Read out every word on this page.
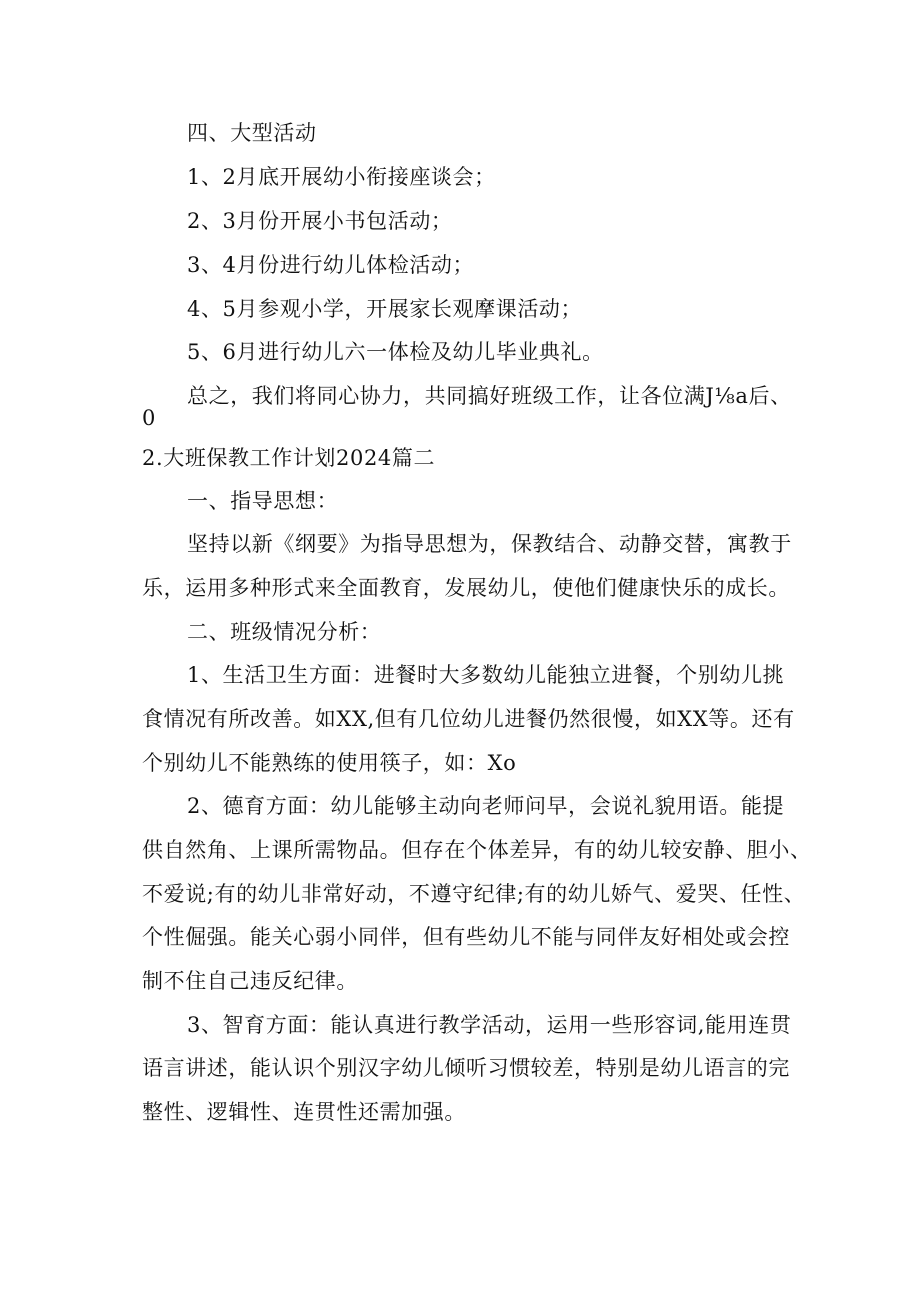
四、大型活动
1、2月底开展幼小衔接座谈会；
2、3月份开展小书包活动；
3、4月份进行幼儿体检活动；
4、5月参观小学，开展家长观摩课活动；
5、6月进行幼儿六一体检及幼儿毕业典礼。
总之，我们将同心协力，共同搞好班级工作，让各位满J⅛a后、
0
2.大班保教工作计划2024篇二
一、指导思想：
坚持以新《纲要》为指导思想为，保教结合、动静交替，寓教于
乐，运用多种形式来全面教育，发展幼儿，使他们健康快乐的成长。
二、班级情况分析：
1、生活卫生方面：进餐时大多数幼儿能独立进餐，个别幼儿挑
食情况有所改善。如XX,但有几位幼儿进餐仍然很慢，如XX等。还有
个别幼儿不能熟练的使用筷子，如：Xo
2、德育方面：幼儿能够主动向老师问早，会说礼貌用语。能提
供自然角、上课所需物品。但存在个体差异，有的幼儿较安静、胆小、
不爱说;有的幼儿非常好动，不遵守纪律;有的幼儿娇气、爱哭、任性、
个性倔强。能关心弱小同伴，但有些幼儿不能与同伴友好相处或会控
制不住自己违反纪律。
3、智育方面：能认真进行教学活动，运用一些形容词,能用连贯
语言讲述，能认识个别汉字幼儿倾听习惯较差，特别是幼儿语言的完
整性、逻辑性、连贯性还需加强。
